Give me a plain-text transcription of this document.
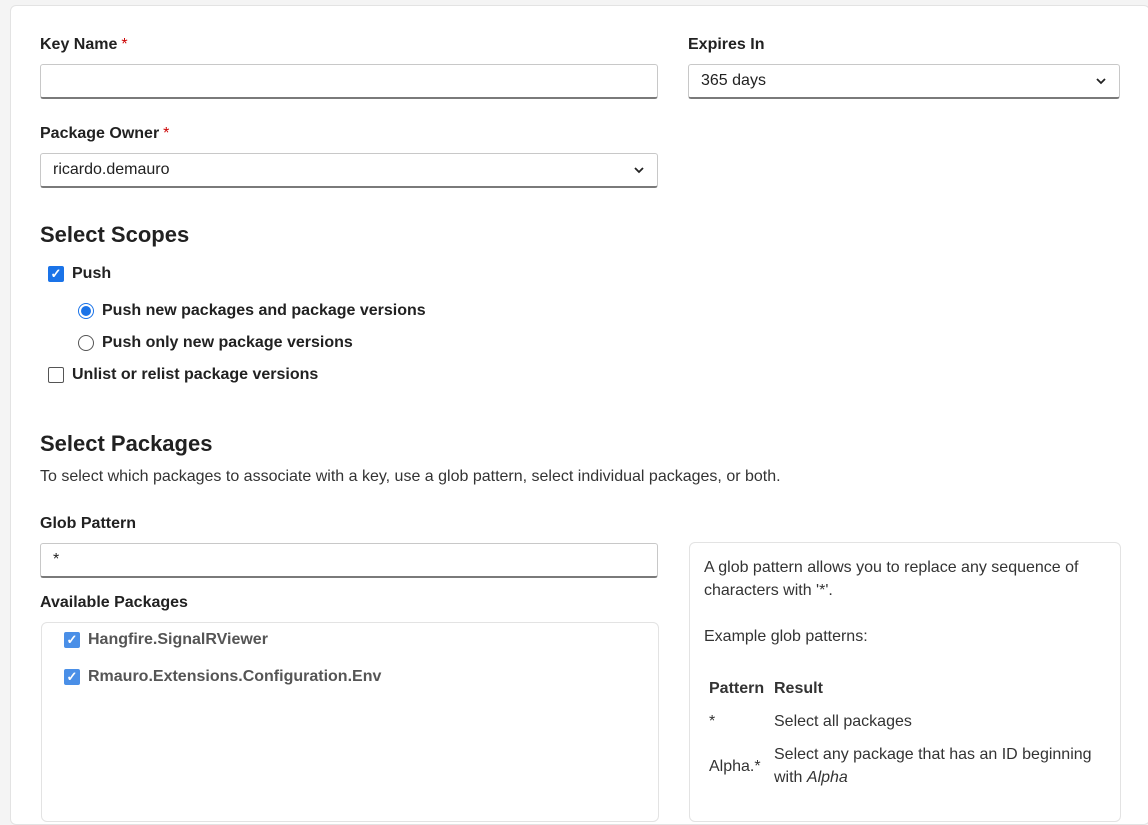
Key Name *	Expires In
365 days
Package Owner *
ricardo.demauro
Select Scopes
✓ Push
Push new packages and package versions
Push only new package versions
Unlist or relist package versions
Select Packages
To select which packages to associate with a key, use a glob pattern, select individual packages, or both.
Glob Pattern
*
Available Packages
✓ Hangfire.SignalRViewer
✓ Rmauro.Extensions.Configuration.Env
A glob pattern allows you to replace any sequence of characters with '*'.
Example glob patterns:
Pattern Result
*	Select all packages
Alpha.*
Select any package that has an ID beginning with Alpha
